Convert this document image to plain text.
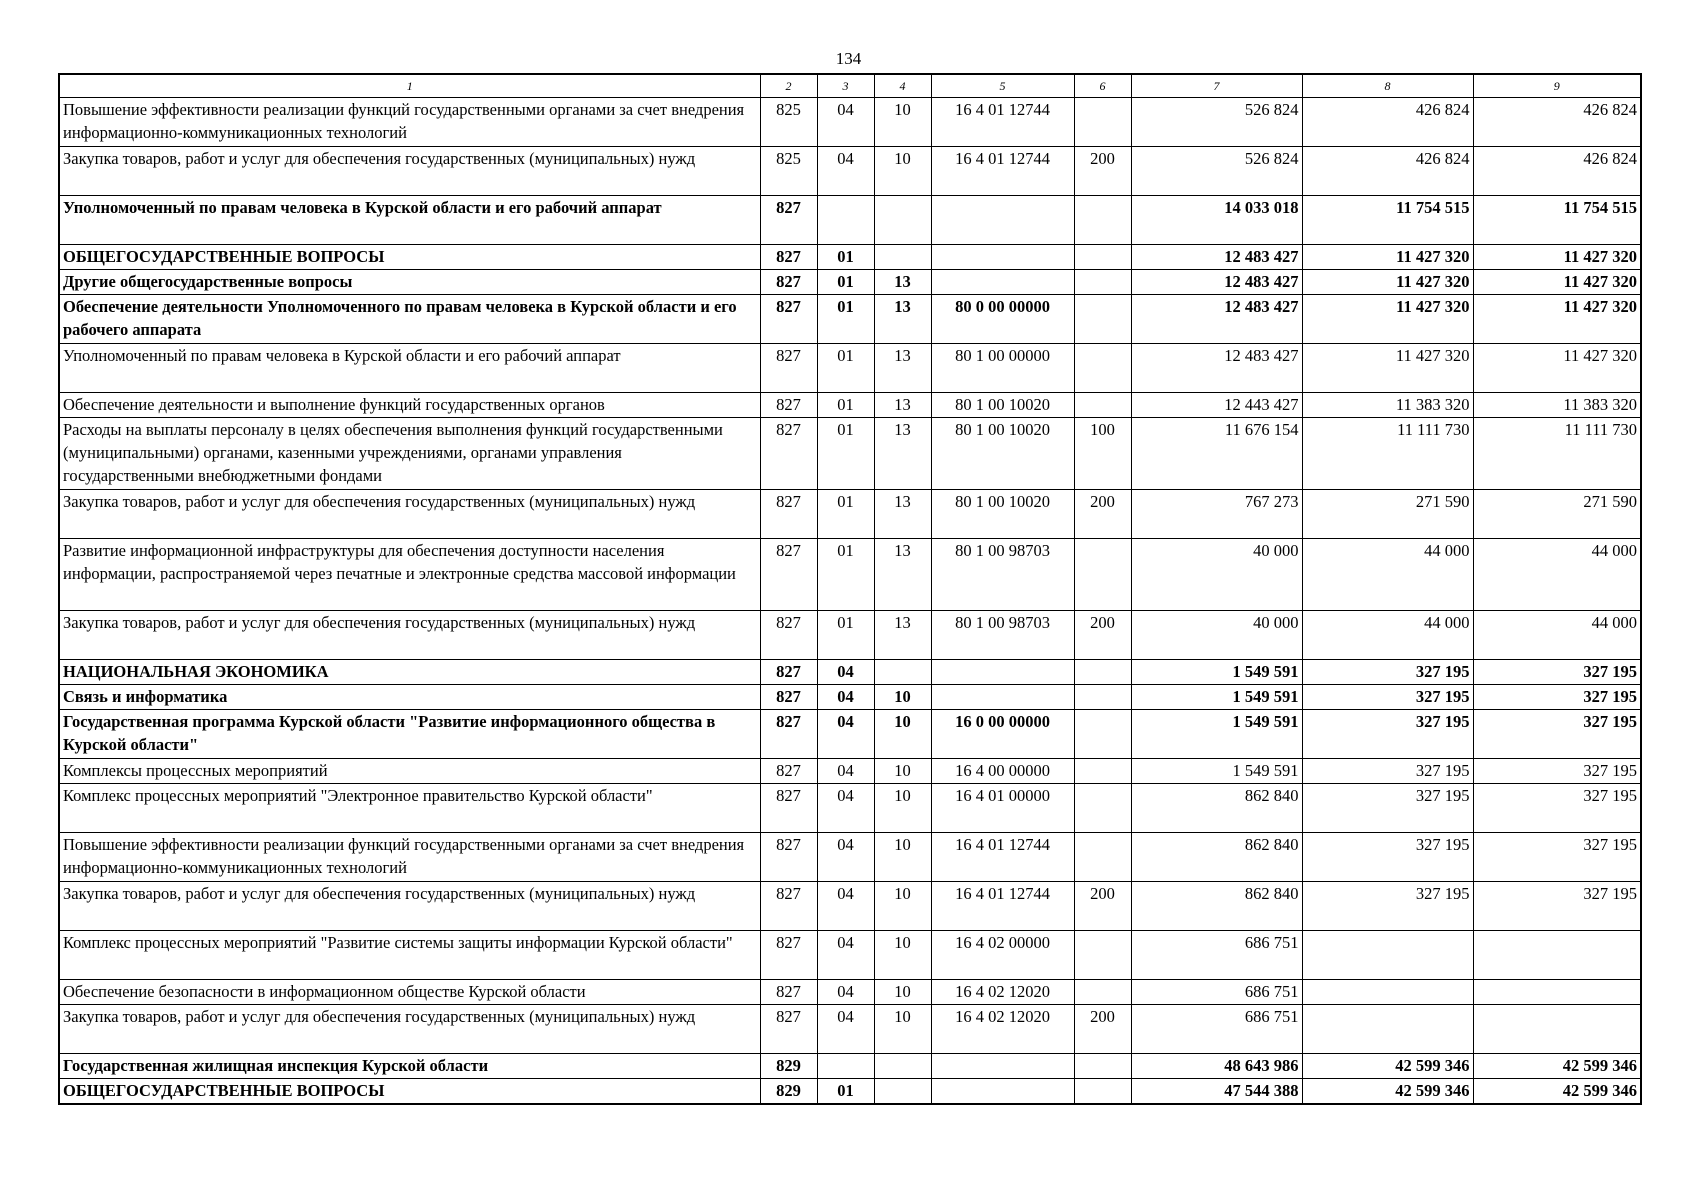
134
1	2	3	4	5	6	7	8	9
Повышение эффективности реализации функций государственными органами за счет внедрения информационно-коммуникационных технологий	825	04	10	16 4 01 12744		526 824	426 824	426 824
Закупка товаров, работ и услуг для обеспечения государственных (муниципальных) нужд	825	04	10	16 4 01 12744	200	526 824	426 824	426 824
Уполномоченный по правам человека в Курской области и его рабочий аппарат	827					14 033 018	11 754 515	11 754 515
ОБЩЕГОСУДАРСТВЕННЫЕ ВОПРОСЫ	827	01				12 483 427	11 427 320	11 427 320
Другие общегосударственные вопросы	827	01	13			12 483 427	11 427 320	11 427 320
Обеспечение деятельности Уполномоченного по правам человека в Курской области и его рабочего аппарата	827	01	13	80 0 00 00000		12 483 427	11 427 320	11 427 320
Уполномоченный по правам человека в Курской области и его рабочий аппарат	827	01	13	80 1 00 00000		12 483 427	11 427 320	11 427 320
Обеспечение деятельности и выполнение функций государственных органов	827	01	13	80 1 00 10020		12 443 427	11 383 320	11 383 320
Расходы на выплаты персоналу в целях обеспечения выполнения функций государственными (муниципальными) органами, казенными учреждениями, органами управления государственными внебюджетными фондами	827	01	13	80 1 00 10020	100	11 676 154	11 111 730	11 111 730
Закупка товаров, работ и услуг для обеспечения государственных (муниципальных) нужд	827	01	13	80 1 00 10020	200	767 273	271 590	271 590
Развитие информационной инфраструктуры для обеспечения доступности населения информации, распространяемой через печатные и электронные средства массовой информации	827	01	13	80 1 00 98703		40 000	44 000	44 000
Закупка товаров, работ и услуг для обеспечения государственных (муниципальных) нужд	827	01	13	80 1 00 98703	200	40 000	44 000	44 000
НАЦИОНАЛЬНАЯ ЭКОНОМИКА	827	04				1 549 591	327 195	327 195
Связь и информатика	827	04	10			1 549 591	327 195	327 195
Государственная программа Курской области "Развитие информационного общества в Курской области"	827	04	10	16 0 00 00000		1 549 591	327 195	327 195
Комплексы процессных мероприятий	827	04	10	16 4 00 00000		1 549 591	327 195	327 195
Комплекс процессных мероприятий "Электронное правительство Курской области"	827	04	10	16 4 01 00000		862 840	327 195	327 195
Повышение эффективности реализации функций государственными органами за счет внедрения информационно-коммуникационных технологий	827	04	10	16 4 01 12744		862 840	327 195	327 195
Закупка товаров, работ и услуг для обеспечения государственных (муниципальных) нужд	827	04	10	16 4 01 12744	200	862 840	327 195	327 195
Комплекс процессных мероприятий "Развитие системы защиты информации Курской области"	827	04	10	16 4 02 00000		686 751		
Обеспечение безопасности в информационном обществе Курской области	827	04	10	16 4 02 12020		686 751		
Закупка товаров, работ и услуг для обеспечения государственных (муниципальных) нужд	827	04	10	16 4 02 12020	200	686 751		
Государственная жилищная инспекция Курской области	829					48 643 986	42 599 346	42 599 346
ОБЩЕГОСУДАРСТВЕННЫЕ ВОПРОСЫ	829	01				47 544 388	42 599 346	42 599 346
